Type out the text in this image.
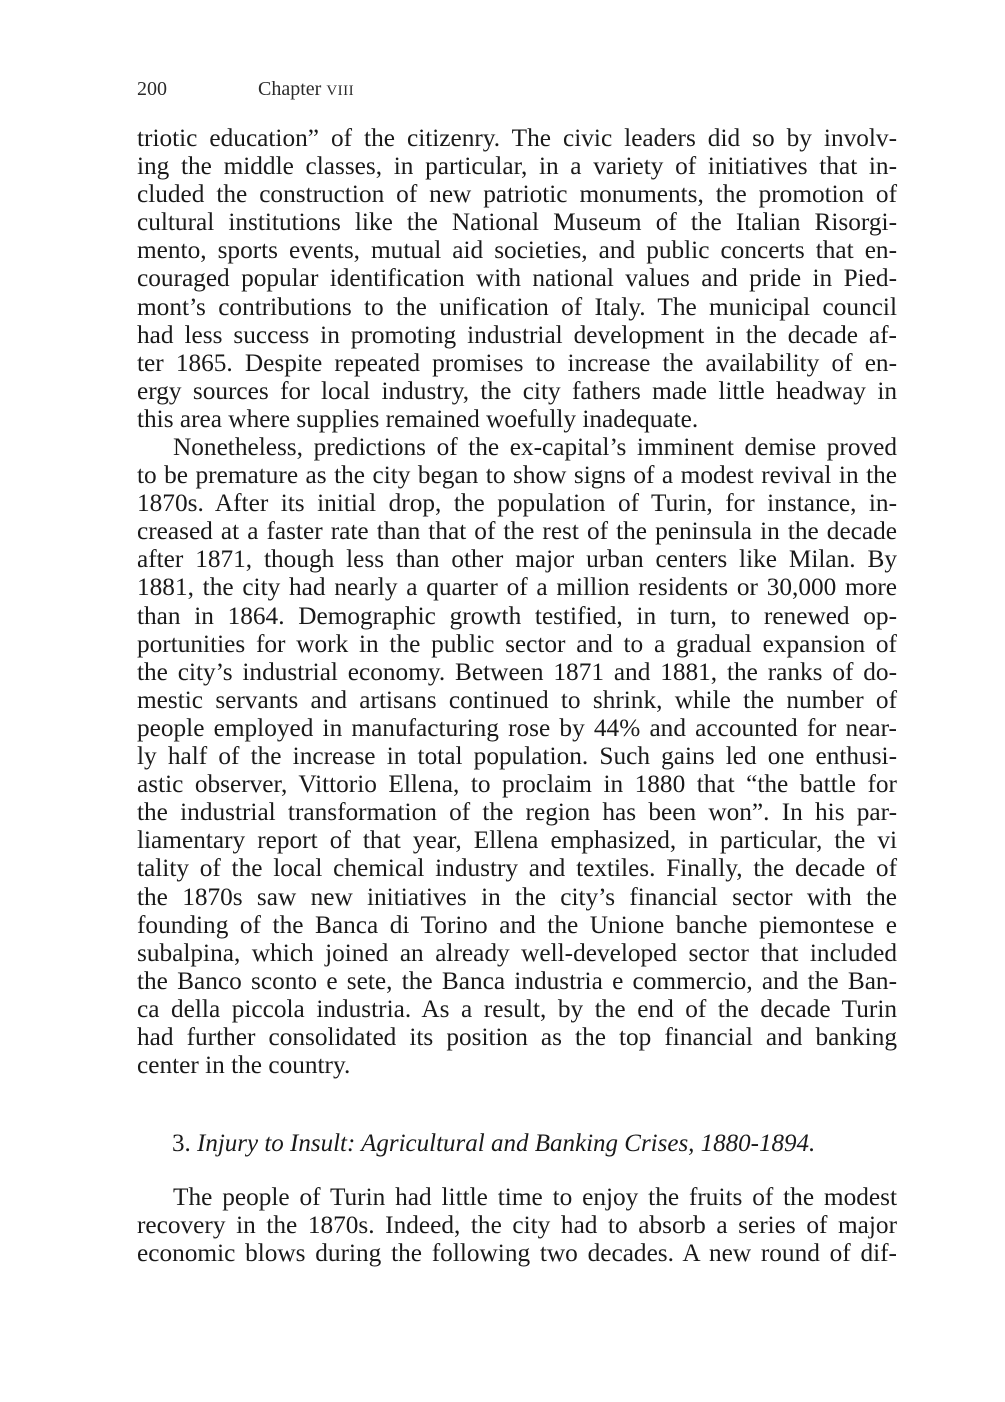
200	Chapter VIII
triotic education” of the citizenry. The civic leaders did so by involv-
ing the middle classes, in particular, in a variety of initiatives that in-
cluded the construction of new patriotic monuments, the promotion of
cultural institutions like the National Museum of the Italian Risorgi-
mento, sports events, mutual aid societies, and public concerts that en-
couraged popular identification with national values and pride in Pied-
mont’s contributions to the unification of Italy. The municipal council
had less success in promoting industrial development in the decade af-
ter 1865. Despite repeated promises to increase the availability of en-
ergy sources for local industry, the city fathers made little headway in
this area where supplies remained woefully inadequate.
Nonetheless, predictions of the ex-capital’s imminent demise proved
to be premature as the city began to show signs of a modest revival in the
1870s. After its initial drop, the population of Turin, for instance, in-
creased at a faster rate than that of the rest of the peninsula in the decade
after 1871, though less than other major urban centers like Milan. By
1881, the city had nearly a quarter of a million residents or 30,000 more
than in 1864. Demographic growth testified, in turn, to renewed op-
portunities for work in the public sector and to a gradual expansion of
the city’s industrial economy. Between 1871 and 1881, the ranks of do-
mestic servants and artisans continued to shrink, while the number of
people employed in manufacturing rose by 44% and accounted for near-
ly half of the increase in total population. Such gains led one enthusi-
astic observer, Vittorio Ellena, to proclaim in 1880 that “the battle for
the industrial transformation of the region has been won”. In his par-
liamentary report of that year, Ellena emphasized, in particular, the vi
tality of the local chemical industry and textiles. Finally, the decade of
the 1870s saw new initiatives in the city’s financial sector with the
founding of the Banca di Torino and the Unione banche piemontese e
subalpina, which joined an already well-developed sector that included
the Banco sconto e sete, the Banca industria e commercio, and the Ban-
ca della piccola industria. As a result, by the end of the decade Turin
had further consolidated its position as the top financial and banking
center in the country.
3. Injury to Insult: Agricultural and Banking Crises, 1880-1894.
The people of Turin had little time to enjoy the fruits of the modest
recovery in the 1870s. Indeed, the city had to absorb a series of major
economic blows during the following two decades. A new round of dif-
